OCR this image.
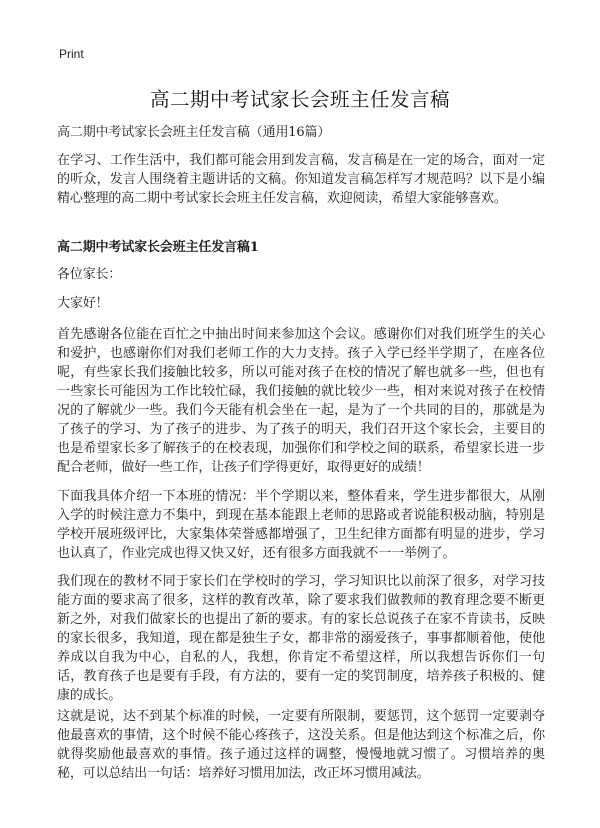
Print
高二期中考试家长会班主任发言稿

高二期中考试家长会班主任发言稿（通用16篇）

在学习、工作生活中，我们都可能会用到发言稿，发言稿是在一定的场合，面对一定的听众，发言人围绕着主题讲话的文稿。你知道发言稿怎样写才规范吗？以下是小编精心整理的高二期中考试家长会班主任发言稿，欢迎阅读，希望大家能够喜欢。

高二期中考试家长会班主任发言稿1

各位家长：

大家好！

首先感谢各位能在百忙之中抽出时间来参加这个会议。感谢你们对我们班学生的关心和爱护，也感谢你们对我们老师工作的大力支持。孩子入学已经半学期了，在座各位呢，有些家长我们接触比较多，所以可能对孩子在校的情况了解也就多一些，但也有一些家长可能因为工作比较忙碌，我们接触的就比较少一些，相对来说对孩子在校情况的了解就少一些。我们今天能有机会坐在一起，是为了一个共同的目的，那就是为了孩子的学习、为了孩子的进步、为了孩子的明天，我们召开这个家长会，主要目的也是希望家长多了解孩子的在校表现，加强你们和学校之间的联系，希望家长进一步配合老师，做好一些工作，让孩子们学得更好，取得更好的成绩！

下面我具体介绍一下本班的情况：半个学期以来，整体看来，学生进步都很大，从刚入学的时候注意力不集中，到现在基本能跟上老师的思路或者说能积极动脑，特别是学校开展班级评比，大家集体荣誉感都增强了，卫生纪律方面都有明显的进步，学习也认真了，作业完成也得又快又好，还有很多方面我就不一一举例了。

我们现在的教材不同于家长们在学校时的学习，学习知识比以前深了很多，对学习技能方面的要求高了很多，这样的教育改革，除了要求我们做教师的教育理念要不断更新之外，对我们做家长的也提出了新的要求。有的家长总说孩子在家不肯读书，反映的家长很多，我知道，现在都是独生子女，都非常的溺爱孩子，事事都顺着他，使他养成以自我为中心，自私的人，我想，你肯定不希望这样，所以我想告诉你们一句话，教育孩子也是要有手段，有方法的，要有一定的奖罚制度，培养孩子积极的、健康的成长。

这就是说，达不到某个标准的时候，一定要有所限制，要惩罚，这个惩罚一定要剥夺他最喜欢的事情，这个时候不能心疼孩子，这没关系。但是他达到这个标准之后，你就得奖励他最喜欢的事情。孩子通过这样的调整，慢慢地就习惯了。习惯培养的奥秘，可以总结出一句话：培养好习惯用加法，改正坏习惯用减法。
